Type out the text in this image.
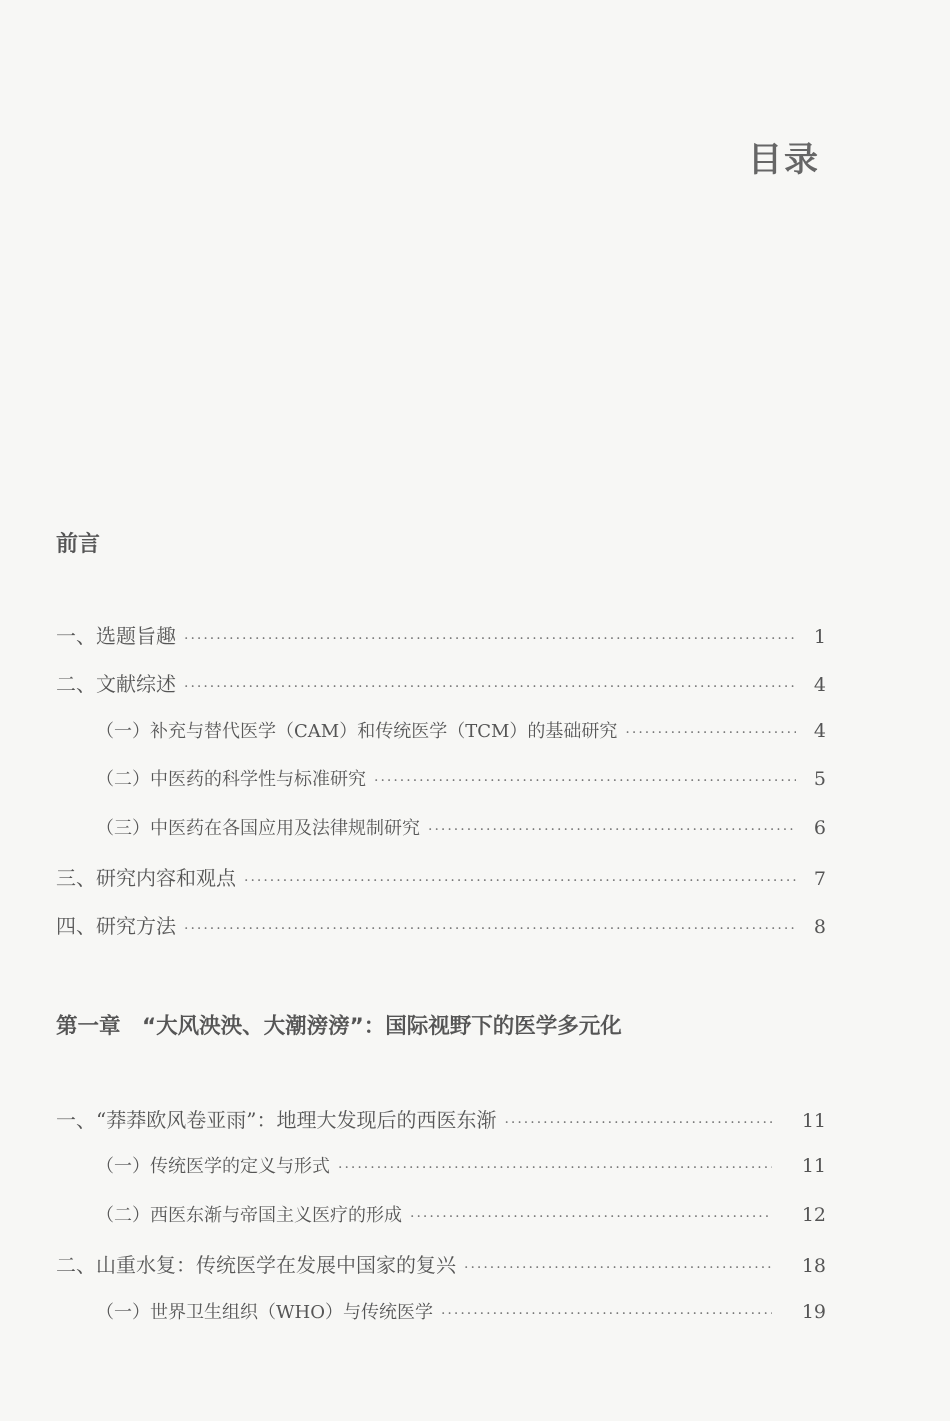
目录
前言
一、选题旨趣 ·····	1
二、文献综述 ·····	4
（一）补充与替代医学（CAM）和传统医学（TCM）的基础研究 ·····	4
（二）中医药的科学性与标准研究 ·····	5
（三）中医药在各国应用及法律规制研究 ·····	6
三、研究内容和观点 ·····	7
四、研究方法 ·····	8
第一章　“大风泱泱、大潮滂滂”：国际视野下的医学多元化
一、“莽莽欧风卷亚雨”：地理大发现后的西医东渐 ·····	11
（一）传统医学的定义与形式 ·····	11
（二）西医东渐与帝国主义医疗的形成 ·····	12
二、山重水复：传统医学在发展中国家的复兴 ·····	18
（一）世界卫生组织（WHO）与传统医学 ·····	19
